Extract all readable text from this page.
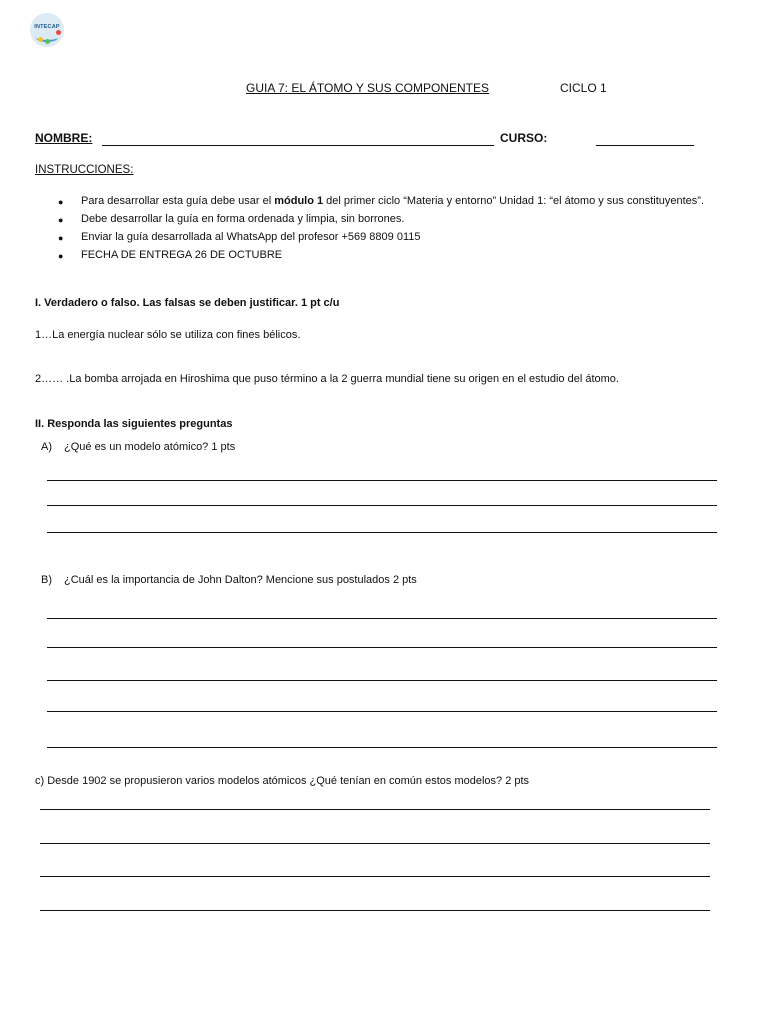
INTECAP
GUIA 7: EL ÁTOMO Y SUS COMPONENTES	CICLO 1
NOMBRE:	CURSO:
INSTRUCCIONES:
● Para desarrollar esta guía debe usar el módulo 1 del primer ciclo “Materia y entorno” Unidad 1: “el átomo y sus constituyentes”.
● Debe desarrollar la guía en forma ordenada y limpia, sin borrones.
● Enviar la guía desarrollada al WhatsApp del profesor +569 8809 0115
● FECHA DE ENTREGA 26 DE OCTUBRE
I. Verdadero o falso. Las falsas se deben justificar. 1 pt c/u
1…La energía nuclear sólo se utiliza con fines bélicos.
2…… .La bomba arrojada en Hiroshima que puso término a la 2 guerra mundial tiene su origen en el estudio del átomo.
II. Responda las siguientes preguntas
A) ¿Qué es un modelo atómico? 1 pts
B) ¿Cuál es la importancia de John Dalton? Mencione sus postulados 2 pts
c) Desde 1902 se propusieron varios modelos atómicos ¿Qué tenían en común estos modelos? 2 pts
